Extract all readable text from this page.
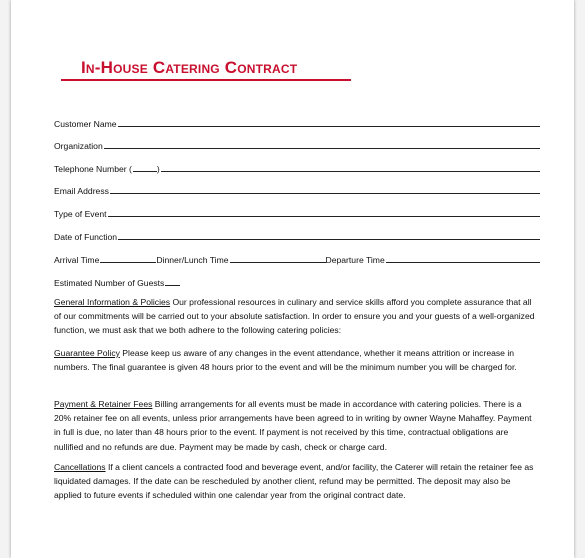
In-House Catering Contract
Customer Name
Organization
Telephone Number (	)
Email Address
Type of Event
Date of Function
Arrival Time	Dinner/Lunch Time	Departure Time
Estimated Number of Guests

General Information & Policies Our professional resources in culinary and service skills afford you complete assurance that all of our commitments will be carried out to your absolute satisfaction. In order to ensure you and your guests of a well-organized function, we must ask that we both adhere to the following catering policies:

Guarantee Policy Please keep us aware of any changes in the event attendance, whether it means attrition or increase in numbers. The final guarantee is given 48 hours prior to the event and will be the minimum number you will be charged for.

Payment & Retainer Fees Billing arrangements for all events must be made in accordance with catering policies. There is a 20% retainer fee on all events, unless prior arrangements have been agreed to in writing by owner Wayne Mahaffey. Payment in full is due, no later than 48 hours prior to the event. If payment is not received by this time, contractual obligations are nullified and no refunds are due. Payment may be made by cash, check or charge card.

Cancellations If a client cancels a contracted food and beverage event, and/or facility, the Caterer will retain the retainer fee as liquidated damages. If the date can be rescheduled by another client, refund may be permitted. The deposit may also be applied to future events if scheduled within one calendar year from the original contract date.
